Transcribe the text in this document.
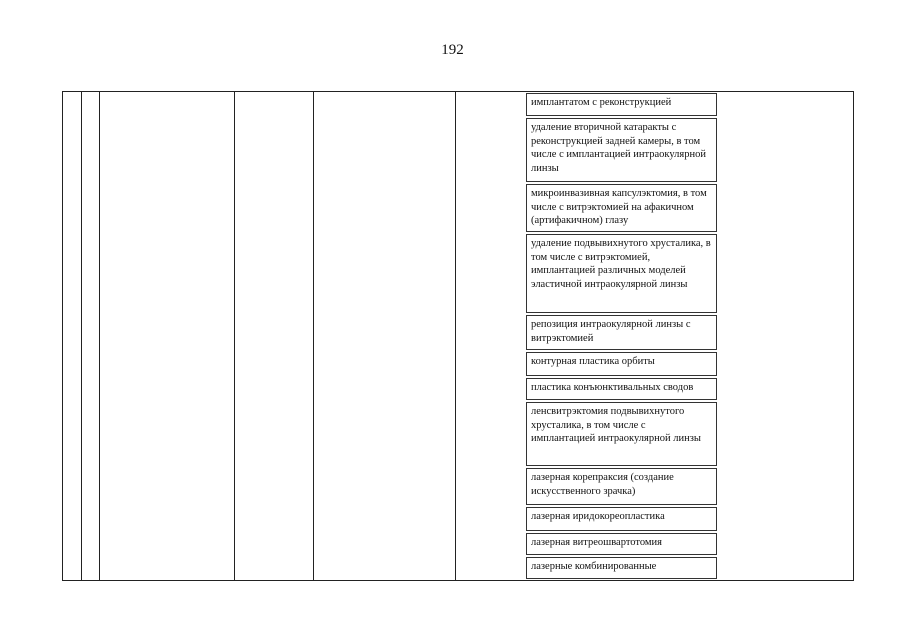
192
имплантатом с реконструкцией
удаление вторичной катаракты с реконструкцией задней камеры, в том числе с имплантацией интраокулярной линзы
микроинвазивная капсулэктомия, в том числе с витрэктомией на афакичном (артифакичном) глазу
удаление подвывихнутого хрусталика, в том числе с витрэктомией, имплантацией различных моделей эластичной интраокулярной линзы
репозиция интраокулярной линзы с витрэктомией
контурная пластика орбиты
пластика конъюнктивальных сводов
ленсвитрэктомия подвывихнутого хрусталика, в том числе с имплантацией интраокулярной линзы
лазерная корепраксия (создание искусственного зрачка)
лазерная иридокореопластика
лазерная витреошвартотомия
лазерные комбинированные
